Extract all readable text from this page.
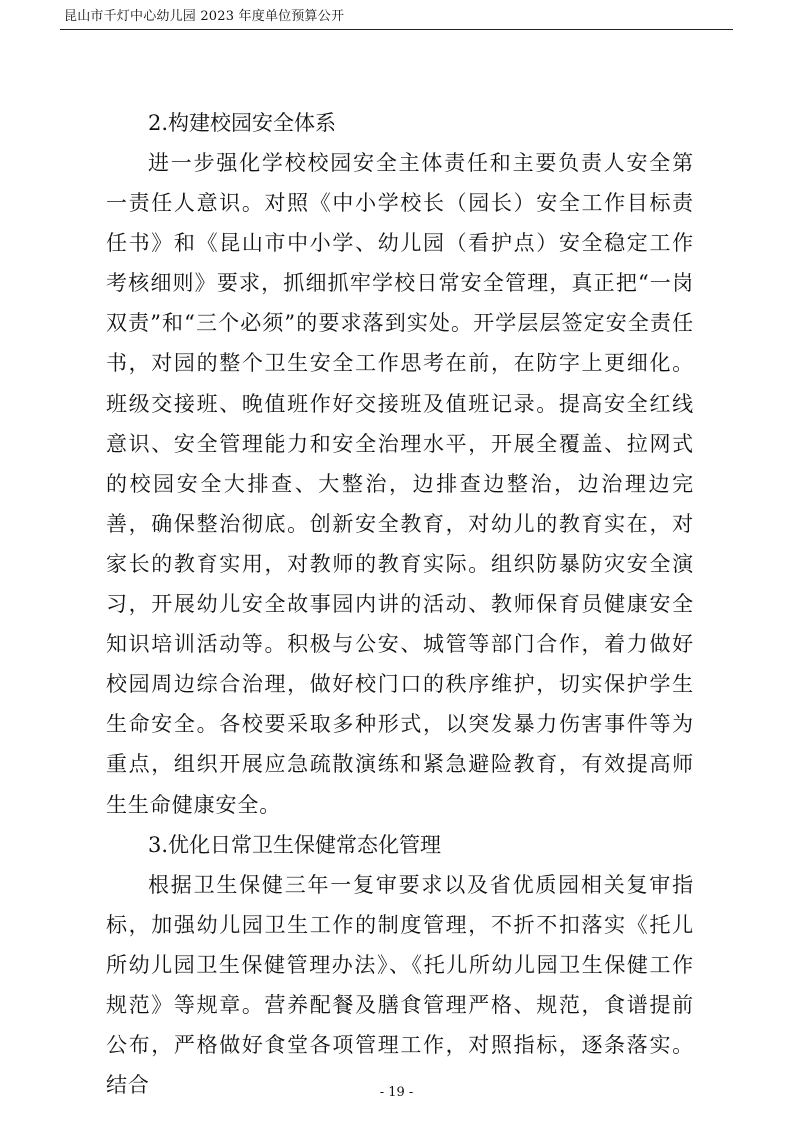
昆山市千灯中心幼儿园 2023 年度单位预算公开

2.构建校园安全体系

进一步强化学校校园安全主体责任和主要负责人安全第一责任人意识。对照《中小学校长（园长）安全工作目标责任书》和《昆山市中小学、幼儿园（看护点）安全稳定工作考核细则》要求，抓细抓牢学校日常安全管理，真正把“一岗双责”和“三个必须”的要求落到实处。开学层层签定安全责任书，对园的整个卫生安全工作思考在前，在防字上更细化。班级交接班、晚值班作好交接班及值班记录。提高安全红线意识、安全管理能力和安全治理水平，开展全覆盖、拉网式的校园安全大排查、大整治，边排查边整治，边治理边完善，确保整治彻底。创新安全教育，对幼儿的教育实在，对家长的教育实用，对教师的教育实际。组织防暴防灾安全演习，开展幼儿安全故事园内讲的活动、教师保育员健康安全知识培训活动等。积极与公安、城管等部门合作，着力做好校园周边综合治理，做好校门口的秩序维护，切实保护学生生命安全。各校要采取多种形式，以突发暴力伤害事件等为重点，组织开展应急疏散演练和紧急避险教育，有效提高师生生命健康安全。

3.优化日常卫生保健常态化管理

根据卫生保健三年一复审要求以及省优质园相关复审指标，加强幼儿园卫生工作的制度管理，不折不扣落实《托儿所幼儿园卫生保健管理办法》、《托儿所幼儿园卫生保健工作规范》等规章。营养配餐及膳食管理严格、规范，食谱提前公布，严格做好食堂各项管理工作，对照指标，逐条落实。结合	- 19 -
